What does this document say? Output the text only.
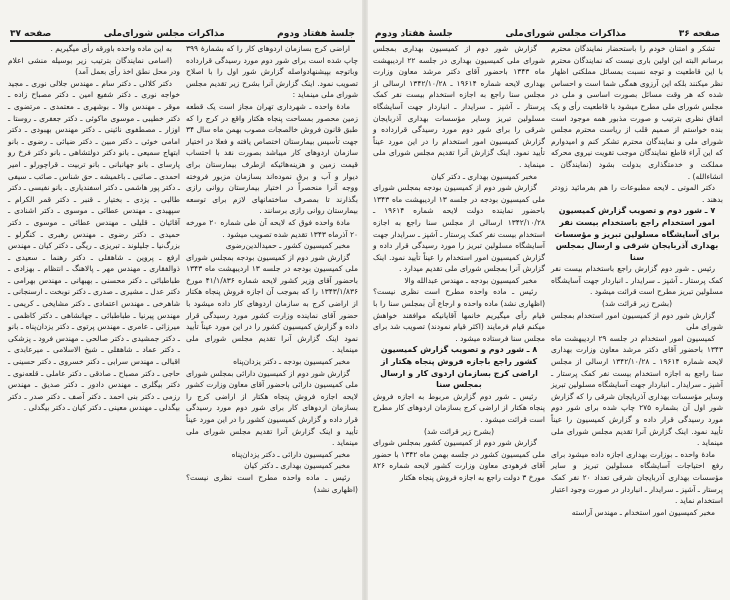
جلسهٔ هفتاد ودوم
مذاکرات مجلس شورای‌ملی
صفحه ۳۷

اراضی کرج بسازمان اردوهای کار را که بشمارهٔ ۳۹۹ چاپ شده است برای شور دوم مورد رسیدگی قرارداده وباتوجه بپیشنهادواصله گزارش شور اول را با اصلاح تصویب نمود. اینک گزارش آنرا بشرح زیر تقدیم مجلس شورای ملی مینماید :

مادهٔ واحده ـ شهرداری تهران مجاز است یک قطعه زمین محصور بمساحت پنجاه هکتار واقع در کرج را که طبق قانون فروش خالصجات مصوب بهمن ماه سال ۳۴ جهت تأسیس بیمارستان اختصاص یافته و فعلا در اختیار سازمان اردوهای کار میباشد بصورت نقد با احتساب قیمت زمین و هزینه‌هائیکه ازطرف بیمارستان برای دیوار و آب و برق نموده‌اند بسازمان مزبور فروخته ووجه آنرا منحصراً در اختیار بیمارستان روانی رازی بگذارند تا بمصرف ساختمانهای لازم برای توسعه بیمارستان روانی رازی برسانند .

مادهٔ واحده فوق که لایحه آن طی شماره ۲۰ مورخه ۲۰ آذرماه ۱۳۴۳ تقدیم شده تصویب میشود .

مخبر کمیسیون کشور ـ حمیدالدین‌رضوی

گزارش شور دوم از کمیسیون بودجه بمجلس شورای ملی کمیسیون بودجه در جلسه ۱۳ اردیبهشت ماه ۱۳۴۳ باحضور آقای وزیر کشور لایحه شماره ۴۱/۱/۸۳۶ مورخ ۱۳۴۳/۱/۸۳۶ را که بموجب آن اجازه فروش پنجاه هکتار از اراضی کرج به سازمان اردوهای کار داده میشود با حضور آقای نماینده وزارت کشور مورد رسیدگی قرار داده و گزارش کمیسیون کشور را در این مورد عیناً تأیید نمود اینک گزارش آنرا تقدیم مجلس شورای ملی مینماید .

مخبر کمیسیون بودجه ـ دکتر یزدان‌پناه

گزارش شور دوم از کمیسیون دارائی بمجلس شورای ملی کمیسیون دارائی باحضور آقای معاون وزارت کشور لایحه اجازه فروش پنجاه هکتار از اراضی کرج را بسازمان اردوهای کار برای شور دوم مورد رسیدگی قرار داده و گزارش کمیسیون کشور را در این مورد عیناً تأیید و اینک گزارش آنرا تقدیم مجلس شورای ملی مینماید .

مخبر کمیسیون دارائی ـ دکتر یزدان‌پناه

مخبر کمیسیون بهداری ـ دکتر کیان

رئیس ـ ماده واحده مطرح است نظری نیست؟ (اظهاری نشد)

به این ماده واحده باورقه رأی میگیریم .

(اسامی نمایندگان بترتیب زیر بوسیله منشی اعلام ودر محل نطق اخذ رأی بعمل آمد)

دکتر کلالی ـ دکتر سام ـ مهندس جلالی نوری ـ مجید خواجه نوری ـ دکتر شفیع امین ـ دکتر مصباح زاده ـ موقر ـ مهندس والا ـ بوشهری ـ معتمدی ـ مرتضوی ـ دکتر خطیبی ـ موسوی ماکوئی ـ دکتر جعفری ـ روستا ـ اوزار ـ مصطفوی نائینی ـ دکتر مهندس بهبودی ـ دکتر امامی خوئی ـ دکتر مبین ـ دکتر ضیائی ـ رضوی ـ بانو ابتهاج سمیعی ـ بانو دکتر دولتشاهی ـ بانو دکتر فرخ رو پارسای ـ بانو جهانبانی ـ بانو تربیت ـ قراچورلو ـ امیر احمدی ـ صائبی ـ باغمیشه ـ حق شناس ـ صائب ـ سیفی ـ دکتر پور هاشمی ـ دکتر اسفندیاری ـ بانو نفیسی ـ دکتر طالبی ـ یزدی ـ بختیار ـ قنبر ـ دکتر قمر الکرام ـ سپهبدی ـ مهندس عطائی ـ موسوی ـ دکتر اشنادی ـ آقائیان ـ قلیلی ـ مهندس عطائی ـ موسوی ـ دکتر حمیدی ـ دکتر رضوی ـ مهندس رهبری ـ کنگرلو ـ بزرگ‌نیا ـ جلیلوند ـ تبریزی ـ ریگی ـ دکتر کیان ـ مهندس ارفع ـ پروین ـ شاهقلی ـ دکتر رهنما ـ سعیدی ـ ذوالفقاری ـ مهندس مهر ـ پالاهنگ ـ انتظام ـ بهزادی ـ طباطبائی ـ دکتر محسنی ـ بهبهانی ـ مهندس بهرامی ـ دکتر عدل ـ مشیری ـ صدری ـ دکتر نوبخت ـ ارسنجانی ـ شاهرخی ـ مهندس اعتمادی ـ دکتر مشایخی ـ کریمی ـ مهندس پیرنیا ـ طباطبائی ـ جهانشاهی ـ دکتر کاظمی ـ میرزائی ـ عامری ـ مهندس پرتوی ـ دکتر یزدان‌پناه ـ بانو ـ دکتر جمشیدی ـ دکتر صالحی ـ مهندس فرود ـ پزشکی ـ دکتر عماد ـ شاهقلی ـ شیخ الاسلامی ـ میرعابدی ـ اقبالی ـ مهندس سرابی ـ دکتر خسروی ـ دکتر حسینی ـ حاجی ـ دکتر مصباح ـ صادقی ـ دکتر عاملی ـ قلعه‌نوی ـ دکتر بیگلری ـ مهندس دادور ـ دکتر صدیق ـ مهندس رزمی ـ دکتر بنی احمد ـ دکتر آصف ـ دکتر صدر ـ دکتر بیگدلی ـ مهندس معینی ـ دکتر کیان ـ دکتر بیگدلی .

صفحه ۳۶
مذاکرات مجلس شورای‌ملی
جلسهٔ هفتاد ودوم

تشکر و امتنان خودم را باستحضار نمایندگان محترم برسانم البته این اولین باری نیست که نمایندگان محترم با این قاطعیت و توجه نسبت بمسائل مملکتی اظهار نظر میکنند بلکه این آرزوی همگی شما است و احساس شده که هر وقت مسائل بصورت اساسی و ملی در مجلس شورای ملی مطرح میشود با قاطعیت رأی و یک اتفاق نظری بترتیب و صورت مذبور همه موجود است بنده خواستم از صمیم قلب از ریاست محترم مجلس شورای ملی و نمایندگان محترم تشکر کنم و امیدوارم که این آراء قاطع نمایندگان موجب تقویت نیروی محرکه مملکت و خدمتگذاری بدولت بشود (نمایندگان ـ انشاءالله) .

دکتر الموتی ـ لایحه مطبوعات را هم بفرمائید زودتر بدهند .

۷ ـ شور دوم و تصویب گزارش کمیسیون امور استخدام راجع باستخدام بیست نفر برای آسایشگاه مسلولین تبریز و مؤسسات بهداری آذربایجان شرقی و ارسال بمجلس سنا

رئیس ـ شور دوم گزارش راجع باستخدام بیست نفر کمک پرستار ـ آشپز ـ سرایدار ـ انباردار جهت آسایشگاه مسلولین تبریز مطرح است قرائت میشود .

(بشرح زیر قرائت شد)

گزارش شور دوم از کمیسیون امور استخدام بمجلس شورای ملی

کمیسیون امور استخدام در جلسه ۲۹ اردیبهشت ماه ۱۳۴۳ باحضور آقای دکتر مرشد معاون وزارت بهداری لایحه شماره ۱۹۶۱۴ ـ ۱۳۴۲/۱۰/۲۸ ارسالی از مجلس سنا راجع به اجازه استخدام بیست نفر کمک پرستار ـ آشپز ـ سرایدار ـ انباردار جهت آسایشگاه مسلولین تبریز وسایر مؤسسات بهداری آذربایجان شرقی را که گزارش شور اول آن بشماره ۲۷۵ چاپ شده برای شور دوم مورد رسیدگی قرار داده و گزارش کمیسیون را عیناً تأیید نمود. اینک گزارش آنرا تقدیم مجلس شورای ملی مینماید .

مادهٔ واحده ـ بوزارت بهداری اجازه داده میشود برای رفع احتیاجات آسایشگاه مسلولین تبریز و سایر مؤسسات بهداری آذربایجان شرقی تعداد ۲۰ نفر کمک پرستار ـ آشپز ـ سرایدار ـ انباردار در صورت وجود اعتبار استخدام نماید .

مخبر کمیسیون امور استخدام ـ مهندس آراسته

گزارش شور دوم از کمیسیون بهداری بمجلس شورای ملی کمیسیون بهداری در جلسه ۲۲ اردیبهشت ماه ۱۳۴۳ باحضور آقای دکتر مرشد معاون وزارت بهداری لایحه شماره ۱۹۶۱۴ ـ ۱۳۴۲/۱۰/۲۸ ارسالی از مجلس سنا راجع به اجازه استخدام بیست نفر کمک پرستار ـ آشپز ـ سرایدار ـ انباردار جهت آسایشگاه مسلولین تبریز وسایر مؤسسات بهداری آذربایجان شرقی را برای شور دوم مورد رسیدگی قرارداده و گزارش کمیسیون امور استخدام را در این مورد عیناً تأیید نمود. اینک گزارش آنرا تقدیم مجلس شورای ملی مینماید .

مخبر کمیسیون بهداری ـ دکتر کیان

گزارش شور دوم از کمیسیون بودجه بمجلس شورای ملی کمیسیون بودجه در جلسه ۱۳ اردیبهشت ماه ۱۳۴۳ باحضور نماینده دولت لایحه شماره ۱۹۶۱۴ ـ ۱۳۴۲/۱۰/۲۸ ارسالی از مجلس سنا راجع به اجازه استخدام بیست نفر کمک پرستار ـ آشپز ـ سرایدار جهت آسایشگاه مسلولین تبریز را مورد رسیدگی قرار داده و گزارش کمیسیون امور استخدام را عیناً تأیید نمود. اینک گزارش آنرا بمجلس شورای ملی تقدیم میدارد .

مخبر کمیسیون بودجه ـ مهندس عبدالله والا

رئیس ـ ماده واحده مطرح است نظری نیست؟ (اظهاری نشد) ماده واحده و ارجاع آن بمجلس سنا را با قیام رأی میگیریم خانمها آقایانیکه موافقند خواهش میکنم قیام فرمایند (اکثر قیام نمودند) تصویب شد برای مجلس سنا فرستاده میشود .

۸ ـ شور دوم و تصویب گزارش کمیسیون کشور راجع باجازه فروش پنجاه هکتار از اراضی کرج بسازمان اردوی کار و ارسال بمجلس سنا

رئیس ـ شور دوم گزارش مربوط به اجازه فروش پنجاه هکتار از اراضی کرج بسازمان اردوهای کار مطرح است قرائت میشود .

(بشرح زیر قرائت شد)

گزارش شور دوم از کمیسیون کشور بمجلس شورای ملی کمیسیون کشور در جلسه بهمن ماه ۱۳۴۲ با حضور آقای فرهودی معاون وزارت کشور لایحه شماره ۸۲۶ مورخ ۳ دولت راجع به اجازه فروش پنجاه هکتار
